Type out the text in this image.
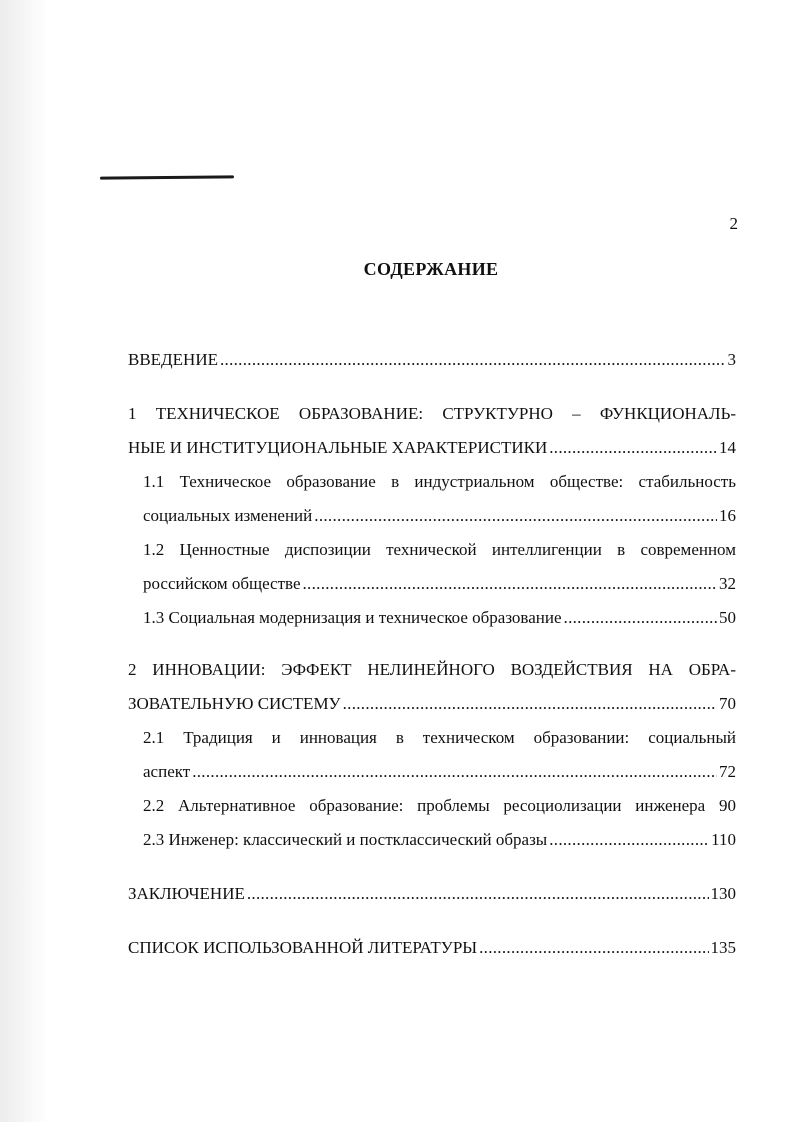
2
СОДЕРЖАНИЕ
ВВЕДЕНИЕ .....	3
1 ТЕХНИЧЕСКОЕ ОБРАЗОВАНИЕ: СТРУКТУРНО – ФУНКЦИОНАЛЬ-
НЫЕ И ИНСТИТУЦИОНАЛЬНЫЕ ХАРАКТЕРИСТИКИ .....	14
1.1 Техническое образование в индустриальном обществе: стабильность
социальных изменений .....	16
1.2 Ценностные диспозиции технической интеллигенции в современном
российском обществе .....	32
1.3 Социальная модернизация и техническое образование .....	50
2 ИННОВАЦИИ: ЭФФЕКТ НЕЛИНЕЙНОГО ВОЗДЕЙСТВИЯ НА ОБРА-
ЗОВАТЕЛЬНУЮ СИСТЕМУ .....	70
2.1 Традиция и инновация в техническом образовании: социальный
аспект .....	72
2.2 Альтернативное образование: проблемы ресоциолизации инженера 90
2.3 Инженер: классический и постклассический образы .....	110
ЗАКЛЮЧЕНИЕ .....	130
СПИСОК ИСПОЛЬЗОВАННОЙ ЛИТЕРАТУРЫ .....	135
